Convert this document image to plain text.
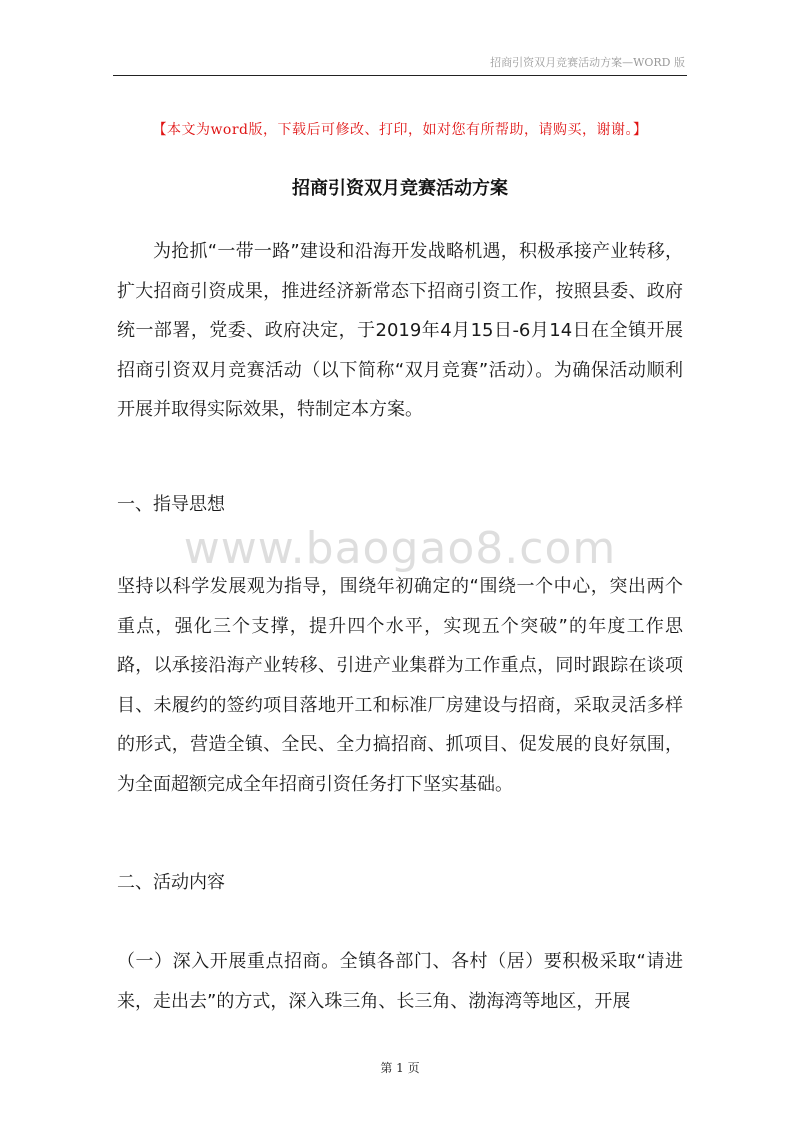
招商引资双月竞赛活动方案—WORD 版
【本文为word版，下载后可修改、打印，如对您有所帮助，请购买，谢谢。】
招商引资双月竞赛活动方案
为抢抓“一带一路”建设和沿海开发战略机遇，积极承接产业转移，扩大招商引资成果，推进经济新常态下招商引资工作，按照县委、政府统一部署，党委、政府决定，于2019年4月15日-6月14日在全镇开展招商引资双月竞赛活动（以下简称“双月竞赛”活动）。为确保活动顺利开展并取得实际效果，特制定本方案。
一、指导思想
www.baogao8.com
坚持以科学发展观为指导，围绕年初确定的“围绕一个中心，突出两个重点，强化三个支撑，提升四个水平，实现五个突破”的年度工作思路，以承接沿海产业转移、引进产业集群为工作重点，同时跟踪在谈项目、未履约的签约项目落地开工和标准厂房建设与招商，采取灵活多样的形式，营造全镇、全民、全力搞招商、抓项目、促发展的良好氛围，为全面超额完成全年招商引资任务打下坚实基础。
二、活动内容
（一）深入开展重点招商。全镇各部门、各村（居）要积极采取“请进来，走出去”的方式，深入珠三角、长三角、渤海湾等地区，开展
第 1 页
